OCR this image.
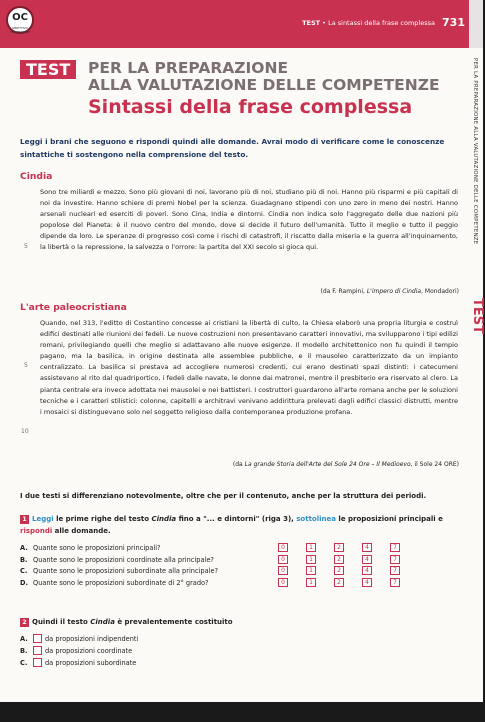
OC
OBIETTIVO COMPETENZE
TEST • La sintassi della frase complessa 731
PER LA PREPARAZIONE ALLA VALUTAZIONE DELLE COMPETENZE
TEST
TEST	PER LA PREPARAZIONE
ALLA VALUTAZIONE DELLE COMPETENZE
Sintassi della frase complessa
Leggi i brani che seguono e rispondi quindi alle domande. Avrai modo di verificare come le conoscenze sintattiche ti sostengono nella comprensione del testo.
Cindia
Sono tre miliardi e mezzo. Sono più giovani di noi, lavorano più di noi, studiano più di noi. Hanno più risparmi e più capitali di noi da investire. Hanno schiere di premi Nobel per la scienza. Guadagnano stipendi con uno zero in meno dei nostri. Hanno arsenali nucleari ed eserciti di poveri. Sono Cina, India e dintorni. Cindia non indica solo l'aggregato delle due nazioni più popolose del Pianeta: è il nuovo centro del mondo, dove si decide il futuro dell'umanità. Tutto il meglio e tutto il peggio dipende da loro. Le speranze di progresso così come i rischi di catastrofi, il riscatto dalla miseria e la guerra all'inquinamento, la libertà o la repressione, la salvezza o l'orrore: la partita del XXI secolo si gioca qui.
5
(da F. Rampini, L'impero di Cindia, Mondadori)
L'arte paleocristiana
Quando, nel 313, l'editto di Costantino concesse ai cristiani la libertà di culto, la Chiesa elaborò una propria liturgia e costruì edifici destinati alle riunioni dei fedeli. Le nuove costruzioni non presentavano caratteri innovativi, ma svilupparono i tipi edilizi romani, privilegiando quelli che meglio si adattavano alle nuove esigenze. Il modello architettonico non fu quindi il tempio pagano, ma la basilica, in origine destinata alle assemblee pubbliche, e il mausoleo caratterizzato da un impianto centralizzato. La basilica si prestava ad accogliere numerosi credenti, cui erano destinati spazi distinti: i catecumeni assistevano al rito dal quadriportico, i fedeli dalle navate, le donne dai matronei, mentre il presbiterio era riservato al clero. La pianta centrale era invece adottata nei mausolei e nei battisteri. I costruttori guardarono all'arte romana anche per le soluzioni tecniche e i caratteri stilistici: colonne, capitelli e architravi venivano addirittura prelevati dagli edifici classici distrutti, mentre i mosaici si distinguevano solo nel soggetto religioso dalla contemporanea produzione profana.
5
10
(da La grande Storia dell'Arte del Sole 24 Ore – Il Medioevo, il Sole 24 ORE)
I due testi si differenziano notevolmente, oltre che per il contenuto, anche per la struttura dei periodi.
1 Leggi le prime righe del testo Cindia fino a "... e dintorni" (riga 3), sottolinea le proposizioni principali e rispondi alle domande.
A. Quante sono le proposizioni principali?	0	1	2	4	7
B. Quante sono le proposizioni coordinate alla principale?	0	1	2	4	7
C. Quante sono le proposizioni subordinate alla principale?	0	1	2	4	7
D. Quante sono le proposizioni subordinate di 2° grado?	0	1	2	4	7
2 Quindi il testo Cindia è prevalentemente costituito
A.	da proposizioni indipendenti
B.	da proposizioni coordinate
C.	da proposizioni subordinate
